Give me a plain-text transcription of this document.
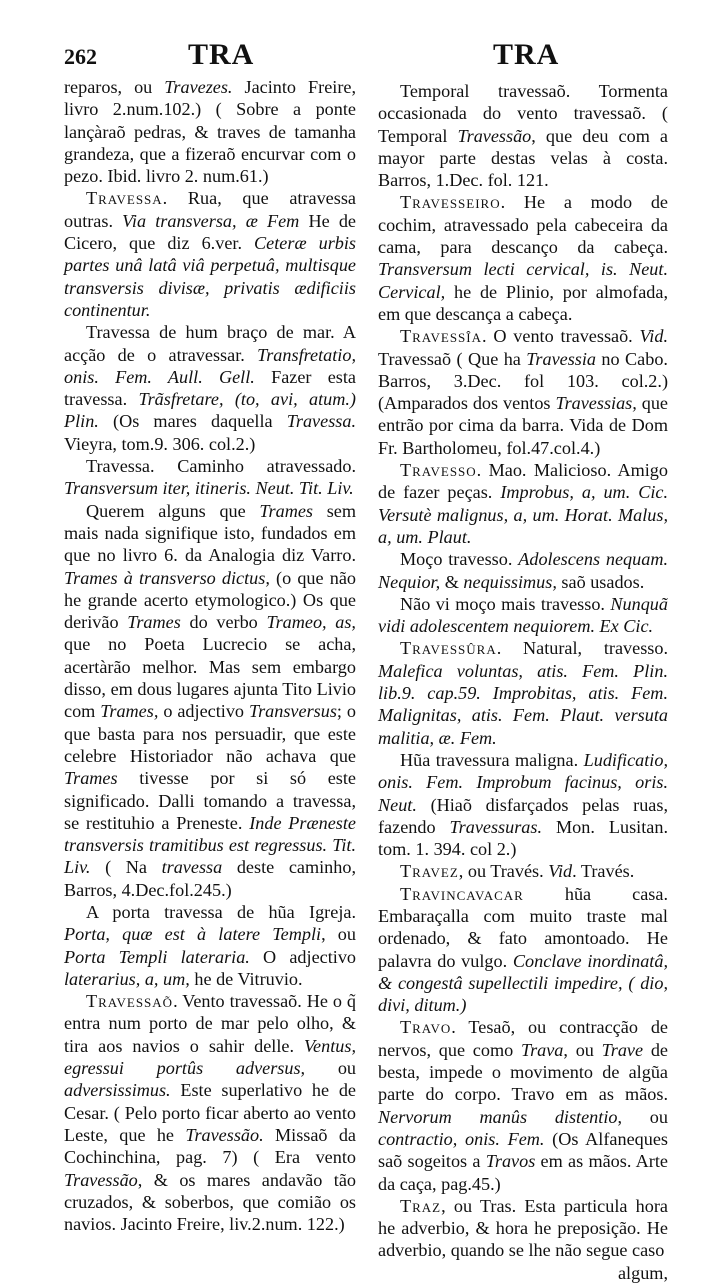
262	TRA	TRA

reparos, ou Travezes. Jacinto Freire, livro 2.num.102.) ( Sobre a ponte lançàraõ pedras, & traves de tamanha grandeza, que a fizeraõ encurvar com o pezo. Ibid. livro 2. num.61.)

Travessa. Rua, que atravessa outras. Via transversa, æ Fem He de Cicero, que diz 6.ver. Ceteræ urbis partes unâ latâ viâ perpetuâ, multisque transversis divisæ, privatis ædificiis continentur.

Travessa de hum braço de mar. A acção de o atravessar. Transfretatio, onis. Fem. Aull. Gell. Fazer esta travessa. Trãsfretare, (to, avi, atum.) Plin. (Os mares daquella Travessa. Vieyra, tom.9. 306. col.2.)

Travessa. Caminho atravessado. Transversum iter, itineris. Neut. Tit. Liv.

Querem alguns que Trames sem mais nada signifique isto, fundados em que no livro 6. da Analogia diz Varro. Trames à transverso dictus, (o que não he grande acerto etymologico.) Os que derivão Trames do verbo Trameo, as, que no Poeta Lucrecio se acha, acertàrão melhor. Mas sem embargo disso, em dous lugares ajunta Tito Livio com Trames, o adjectivo Transversus; o que basta para nos persuadir, que este celebre Historiador não achava que Trames tivesse por si só este significado. Dalli tomando a travessa, se restituhio a Preneste. Inde Præneste transversis tramitibus est regressus. Tit. Liv. ( Na travessa deste caminho, Barros, 4.Dec.fol.245.)

A porta travessa de hũa Igreja. Porta, quæ est à latere Templi, ou Porta Templi lateraria. O adjectivo laterarius, a, um, he de Vitruvio.

Travessaõ. Vento travessaõ. He o q̃ entra num porto de mar pelo olho, & tira aos navios o sahir delle. Ventus, egressui portûs adversus, ou adversissimus. Este superlativo he de Cesar. ( Pelo porto ficar aberto ao vento Leste, que he Travessão. Missaõ da Cochinchina, pag. 7) ( Era vento Travessão, & os mares andavão tão cruzados, & soberbos, que comião os navios. Jacinto Freire, liv.2.num. 122.)

Temporal travessaõ. Tormenta occasionada do vento travessaõ. ( Temporal Travessão, que deu com a mayor parte destas velas à costa. Barros, 1.Dec. fol. 121.

Travesseiro. He a modo de cochim, atravessado pela cabeceira da cama, para descanço da cabeça. Transversum lecti cervical, is. Neut. Cervical, he de Plinio, por almofada, em que descança a cabeça.

Travessîa. O vento travessaõ. Vid. Travessaõ ( Que ha Travessia no Cabo. Barros, 3.Dec. fol 103. col.2.) (Amparados dos ventos Travessias, que entrão por cima da barra. Vida de Dom Fr. Bartholomeu, fol.47.col.4.)

Travesso. Mao. Malicioso. Amigo de fazer peças. Improbus, a, um. Cic. Versutè malignus, a, um. Horat. Malus, a, um. Plaut.

Moço travesso. Adolescens nequam. Nequior, & nequissimus, saõ usados.

Não vi moço mais travesso. Nunquã vidi adolescentem nequiorem. Ex Cic.

Travessûra. Natural, travesso. Malefica voluntas, atis. Fem. Plin. lib.9. cap.59. Improbitas, atis. Fem. Malignitas, atis. Fem. Plaut. versuta malitia, æ. Fem.

Hũa travessura maligna. Ludificatio, onis. Fem. Improbum facinus, oris. Neut. (Hiaõ disfarçados pelas ruas, fazendo Travessuras. Mon. Lusitan. tom. 1. 394. col 2.)

Travez, ou Través. Vid. Través.

Travincavacar hũa casa. Embaraçalla com muito traste mal ordenado, & fato amontoado. He palavra do vulgo. Conclave inordinatâ, & congestâ supellectili impedire, ( dio, divi, ditum.)

Travo. Tesaõ, ou contracção de nervos, que como Trava, ou Trave de besta, impede o movimento de algũa parte do corpo. Travo em as mãos. Nervorum manûs distentio, ou contractio, onis. Fem. (Os Alfaneques saõ sogeitos a Travos em as mãos. Arte da caça, pag.45.)

Traz, ou Tras. Esta particula hora he adverbio, & hora he preposição. He adverbio, quando se lhe não segue caso

algum,
